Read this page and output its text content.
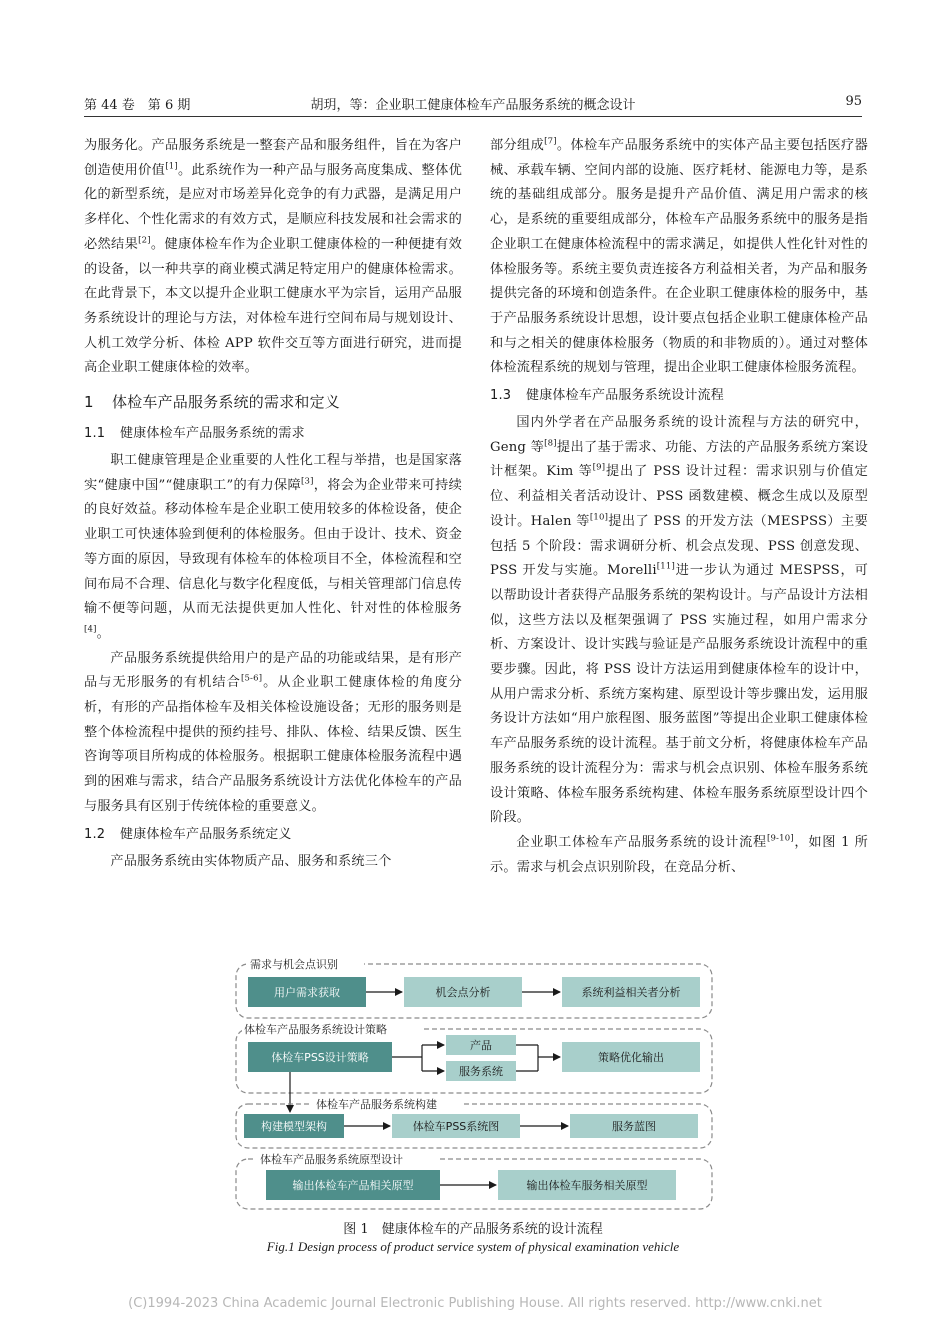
第 44 卷　第 6 期	胡玥，等：企业职工健康体检车产品服务系统的概念设计	95

为服务化。产品服务系统是一整套产品和服务组件，旨在为客户创造使用价值[1]。此系统作为一种产品与服务高度集成、整体优化的新型系统，是应对市场差异化竞争的有力武器，是满足用户多样化、个性化需求的有效方式，是顺应科技发展和社会需求的必然结果[2]。健康体检车作为企业职工健康体检的一种便捷有效的设备，以一种共享的商业模式满足特定用户的健康体检需求。在此背景下，本文以提升企业职工健康水平为宗旨，运用产品服务系统设计的理论与方法，对体检车进行空间布局与规划设计、人机工效学分析、体检 APP 软件交互等方面进行研究，进而提高企业职工健康体检的效率。

1 体检车产品服务系统的需求和定义
1.1 健康体检车产品服务系统的需求

职工健康管理是企业重要的人性化工程与举措，也是国家落实“健康中国”“健康职工”的有力保障[3]，将会为企业带来可持续的良好效益。移动体检车是企业职工使用较多的体检设备，使企业职工可快速体验到便利的体检服务。但由于设计、技术、资金等方面的原因，导致现有体检车的体检项目不全，体检流程和空间布局不合理、信息化与数字化程度低，与相关管理部门信息传输不便等问题，从而无法提供更加人性化、针对性的体检服务[4]。

产品服务系统提供给用户的是产品的功能或结果，是有形产品与无形服务的有机结合[5-6]。从企业职工健康体检的角度分析，有形的产品指体检车及相关体检设施设备；无形的服务则是整个体检流程中提供的预约挂号、排队、体检、结果反馈、医生咨询等项目所构成的体检服务。根据职工健康体检服务流程中遇到的困难与需求，结合产品服务系统设计方法优化体检车的产品与服务具有区别于传统体检的重要意义。

1.2 健康体检车产品服务系统定义

产品服务系统由实体物质产品、服务和系统三个

部分组成[7]。体检车产品服务系统中的实体产品主要包括医疗器械、承载车辆、空间内部的设施、医疗耗材、能源电力等，是系统的基础组成部分。服务是提升产品价值、满足用户需求的核心，是系统的重要组成部分，体检车产品服务系统中的服务是指企业职工在健康体检流程中的需求满足，如提供人性化针对性的体检服务等。系统主要负责连接各方利益相关者，为产品和服务提供完备的环境和创造条件。在企业职工健康体检的服务中，基于产品服务系统设计思想，设计要点包括企业职工健康体检产品和与之相关的健康体检服务（物质的和非物质的）。通过对整体体检流程系统的规划与管理，提出企业职工健康体检服务流程。

1.3 健康体检车产品服务系统设计流程

国内外学者在产品服务系统的设计流程与方法的研究中，Geng 等[8]提出了基于需求、功能、方法的产品服务系统方案设计框架。Kim 等[9]提出了 PSS 设计过程：需求识别与价值定位、利益相关者活动设计、PSS 函数建模、概念生成以及原型设计。Halen 等[10]提出了 PSS 的开发方法（MESPSS）主要包括 5 个阶段：需求调研分析、机会点发现、PSS 创意发现、PSS 开发与实施。Morelli[11]进一步认为通过 MESPSS，可以帮助设计者获得产品服务系统的架构设计。与产品设计方法相似，这些方法以及框架强调了 PSS 实施过程，如用户需求分析、方案设计、设计实践与验证是产品服务系统设计流程中的重要步骤。因此，将 PSS 设计方法运用到健康体检车的设计中，从用户需求分析、系统方案构建、原型设计等步骤出发，运用服务设计方法如“用户旅程图、服务蓝图”等提出企业职工健康体检车产品服务系统的设计流程。基于前文分析，将健康体检车产品服务系统的设计流程分为：需求与机会点识别、体检车服务系统设计策略、体检车服务系统构建、体检车服务系统原型设计四个阶段。

企业职工体检车产品服务系统的设计流程[9-10]，如图 1 所示。需求与机会点识别阶段，在竞品分析、

需求与机会点识别
用户需求获取	机会点分析	系统利益相关者分析
体检车产品服务系统设计策略
体检车PSS设计策略
产品
服务系统
策略优化输出
体检车产品服务系统构建
构建模型架构	体检车PSS系统图	服务蓝图
体检车产品服务系统原型设计
输出体检车产品相关原型	输出体检车服务相关原型
图 1　健康体检车的产品服务系统的设计流程
Fig.1 Design process of product service system of physical examination vehicle
(C)1994-2023 China Academic Journal Electronic Publishing House. All rights reserved. http://www.cnki.net
